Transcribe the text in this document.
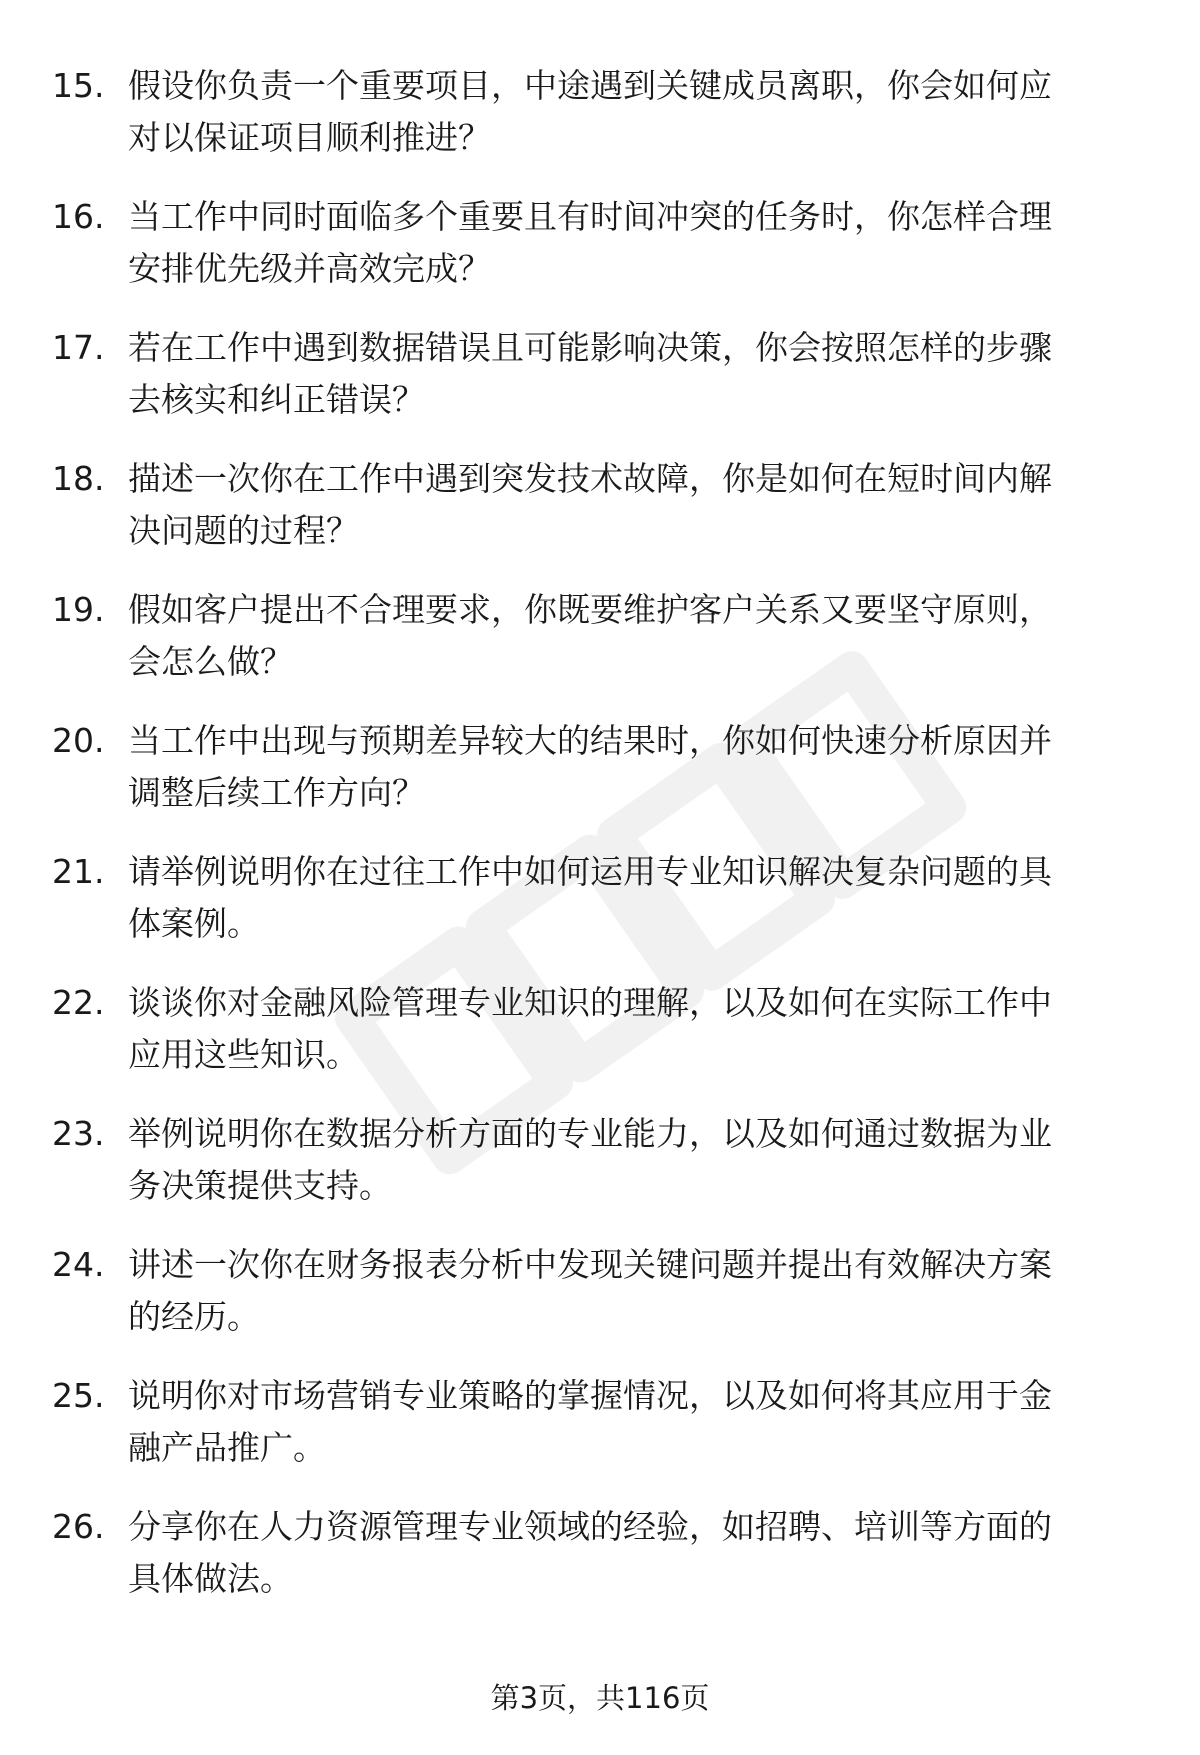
15. 假设你负责一个重要项目，中途遇到关键成员离职，你会如何应
对以保证项目顺利推进？
16. 当工作中同时面临多个重要且有时间冲突的任务时，你怎样合理
安排优先级并高效完成？
17. 若在工作中遇到数据错误且可能影响决策，你会按照怎样的步骤
去核实和纠正错误？
18. 描述一次你在工作中遇到突发技术故障，你是如何在短时间内解
决问题的过程？
19. 假如客户提出不合理要求，你既要维护客户关系又要坚守原则，
会怎么做？
20. 当工作中出现与预期差异较大的结果时，你如何快速分析原因并
调整后续工作方向？
21. 请举例说明你在过往工作中如何运用专业知识解决复杂问题的具
体案例。
22. 谈谈你对金融风险管理专业知识的理解，以及如何在实际工作中
应用这些知识。
23. 举例说明你在数据分析方面的专业能力，以及如何通过数据为业
务决策提供支持。
24. 讲述一次你在财务报表分析中发现关键问题并提出有效解决方案
的经历。
25. 说明你对市场营销专业策略的掌握情况，以及如何将其应用于金
融产品推广。
26. 分享你在人力资源管理专业领域的经验，如招聘、培训等方面的
具体做法。
第3页，共116页
